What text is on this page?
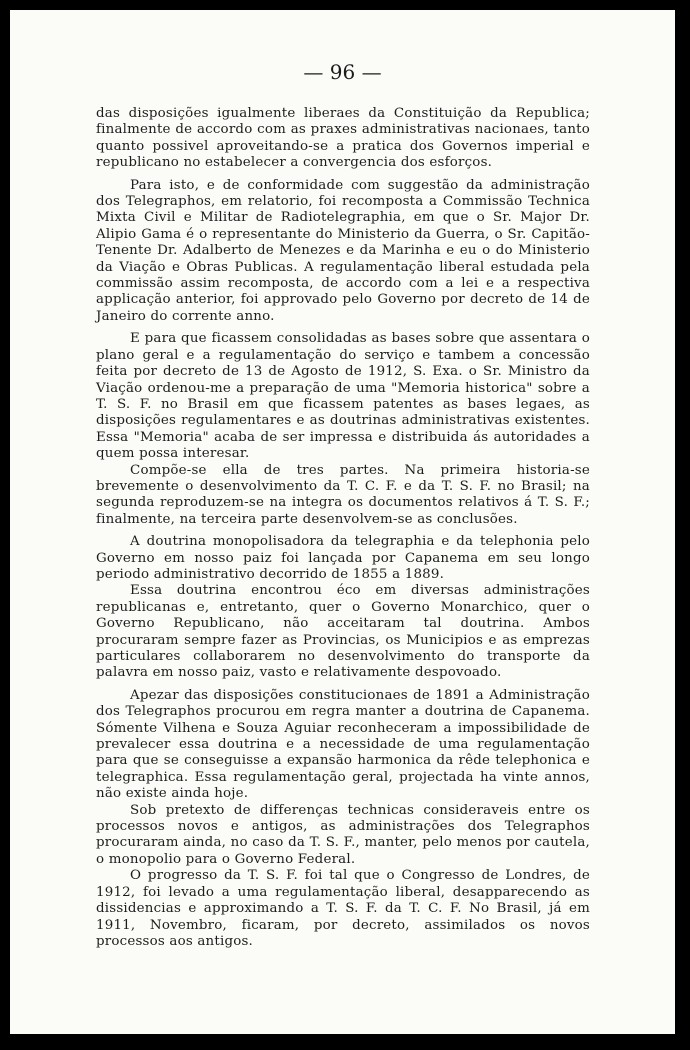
— 96 —

das disposições igualmente liberaes da Constituição da Republica; finalmente de accordo com as praxes administrativas nacionaes, tanto quanto possivel aproveitando-se a pratica dos Governos imperial e republicano no estabelecer a convergencia dos esforços.

Para isto, e de conformidade com suggestão da administração dos Telegraphos, em relatorio, foi recomposta a Commissão Technica Mixta Civil e Militar de Radiotelegraphia, em que o Sr. Major Dr. Alipio Gama é o representante do Ministerio da Guerra, o Sr. Capitão-Tenente Dr. Adalberto de Menezes e da Marinha e eu o do Ministerio da Viação e Obras Publicas. A regulamentação liberal estudada pela commissão assim recomposta, de accordo com a lei e a respectiva applicação anterior, foi approvado pelo Governo por decreto de 14 de Janeiro do corrente anno.

E para que ficassem consolidadas as bases sobre que assentara o plano geral e a regulamentação do serviço e tambem a concessão feita por decreto de 13 de Agosto de 1912, S. Exa. o Sr. Ministro da Viação ordenou-me a preparação de uma "Memoria historica" sobre a T. S. F. no Brasil em que ficassem patentes as bases legaes, as disposições regulamentares e as doutrinas administrativas existentes. Essa "Memoria" acaba de ser impressa e distribuida ás autoridades a quem possa interesar.

Compõe-se ella de tres partes. Na primeira historia-se brevemente o desenvolvimento da T. C. F. e da T. S. F. no Brasil; na segunda reproduzem-se na integra os documentos relativos á T. S. F.; finalmente, na terceira parte desenvolvem-se as conclusões.

A doutrina monopolisadora da telegraphia e da telephonia pelo Governo em nosso paiz foi lançada por Capanema em seu longo periodo administrativo decorrido de 1855 a 1889.

Essa doutrina encontrou éco em diversas administrações republicanas e, entretanto, quer o Governo Monarchico, quer o Governo Republicano, não acceitaram tal doutrina. Ambos procuraram sempre fazer as Provincias, os Municipios e as emprezas particulares collaborarem no desenvolvimento do transporte da palavra em nosso paiz, vasto e relativamente despovoado.

Apezar das disposições constitucionaes de 1891 a Administração dos Telegraphos procurou em regra manter a doutrina de Capanema. Sómente Vilhena e Souza Aguiar reconheceram a impossibilidade de prevalecer essa doutrina e a necessidade de uma regulamentação para que se conseguisse a expansão harmonica da rêde telephonica e telegraphica. Essa regulamentação geral, projectada ha vinte annos, não existe ainda hoje.

Sob pretexto de differenças technicas consideraveis entre os processos novos e antigos, as administrações dos Telegraphos procuraram ainda, no caso da T. S. F., manter, pelo menos por cautela, o monopolio para o Governo Federal.

O progresso da T. S. F. foi tal que o Congresso de Londres, de 1912, foi levado a uma regulamentação liberal, desapparecendo as dissidencias e approximando a T. S. F. da T. C. F. No Brasil, já em 1911, Novembro, ficaram, por decreto, assimilados os novos processos aos antigos.
